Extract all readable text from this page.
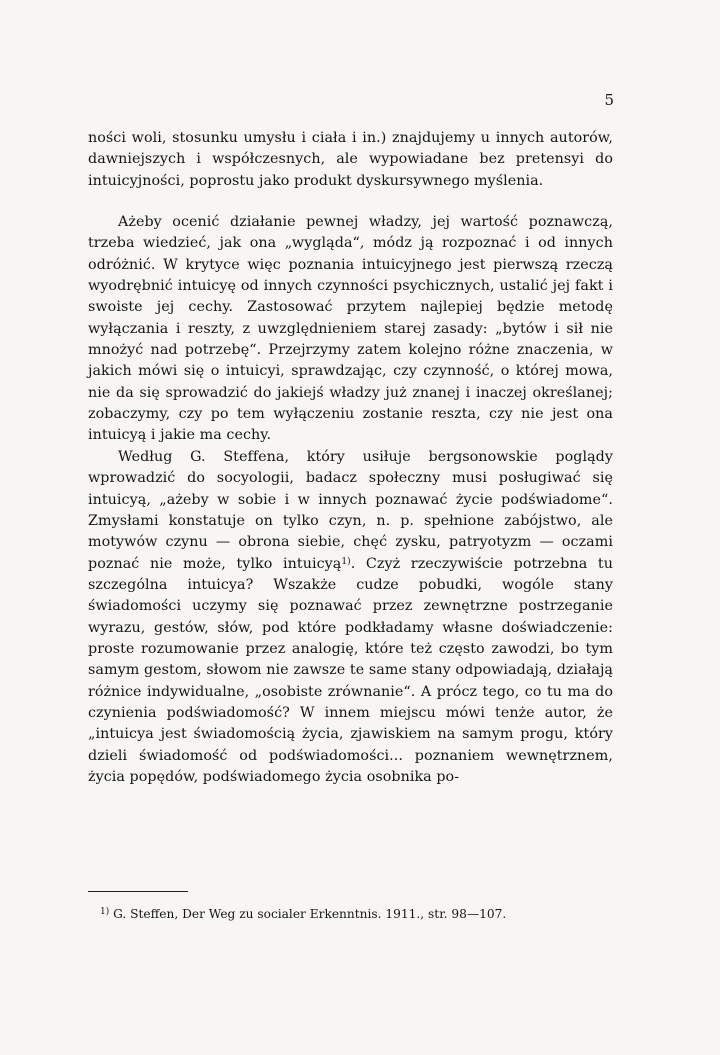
5

ności woli, stosunku umysłu i ciała i in.) znajdujemy u innych autorów, dawniejszych i współczesnych, ale wypowiadane bez pretensyi do intuicyjności, poprostu jako produkt dyskursywnego myślenia.

Ażeby ocenić działanie pewnej władzy, jej wartość poznawczą, trzeba wiedzieć, jak ona „wygląda“, módz ją rozpoznać i od innych odróżnić. W krytyce więc poznania intuicyjnego jest pierwszą rzeczą wyodrębnić intuicyę od innych czynności psychicznych, ustalić jej fakt i swoiste jej cechy. Zastosować przytem najlepiej będzie metodę wyłączania i reszty, z uwzględnieniem starej zasady: „bytów i sił nie mnożyć nad potrzebę“. Przejrzymy zatem kolejno różne znaczenia, w jakich mówi się o intuicyi, sprawdzając, czy czynność, o której mowa, nie da się sprowadzić do jakiejś władzy już znanej i inaczej określanej; zobaczymy, czy po tem wyłączeniu zostanie reszta, czy nie jest ona intuicyą i jakie ma cechy.

Według G. Steffena, który usiłuje bergsonowskie poglądy wprowadzić do socyologii, badacz społeczny musi posługiwać się intuicyą, „ażeby w sobie i w innych poznawać życie podświadome“. Zmysłami konstatuje on tylko czyn, n. p. spełnione zabójstwo, ale motywów czynu — obrona siebie, chęć zysku, patryotyzm — oczami poznać nie może, tylko intuicyą$^{1)}$. Czyż rzeczywiście potrzebna tu szczególna intuicya? Wszakże cudze pobudki, wogóle stany świadomości uczymy się poznawać przez zewnętrzne postrzeganie wyrazu, gestów, słów, pod które podkładamy własne doświadczenie: proste rozumowanie przez analogię, które też często zawodzi, bo tym samym gestom, słowom nie zawsze te same stany odpowiadają, działają różnice indywidualne, „osobiste zrównanie“. A prócz tego, co tu ma do czynienia podświadomość? W innem miejscu mówi tenże autor, że „intuicya jest świadomością życia, zjawiskiem na samym progu, który dzieli świadomość od podświadomości... poznaniem wewnętrznem, życia popędów, podświadomego życia osobnika po-

$^{1)}$ G. Steffen, Der Weg zu socialer Erkenntnis. 1911., str. 98—107.
